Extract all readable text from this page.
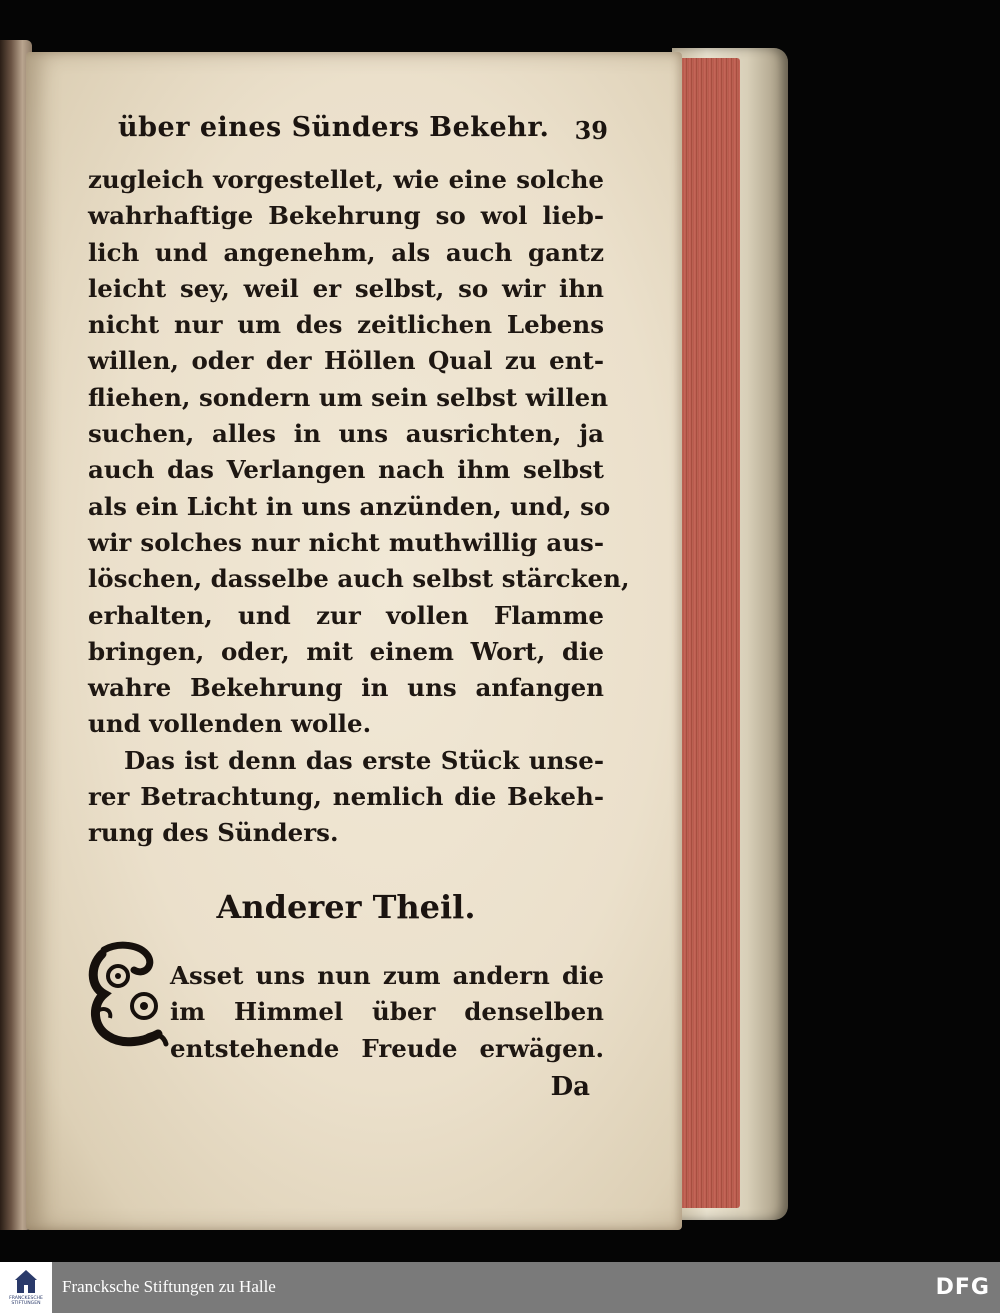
über eines Sünders Bekehr. 39
zugleich vorgestellet, wie eine solche
wahrhaftige Bekehrung so wol lieb-
lich und angenehm, als auch gantz
leicht sey, weil er selbst, so wir ihn
nicht nur um des zeitlichen Lebens
willen, oder der Höllen Qual zu ent-
fliehen, sondern um sein selbst willen
suchen, alles in uns ausrichten, ja
auch das Verlangen nach ihm selbst
als ein Licht in uns anzünden, und, so
wir solches nur nicht muthwillig aus-
löschen, dasselbe auch selbst stärcken,
erhalten, und zur vollen Flamme
bringen, oder, mit einem Wort, die
wahre Bekehrung in uns anfangen
und vollenden wolle.
Das ist denn das erste Stück unse-
rer Betrachtung, nemlich die Bekeh-
rung des Sünders.
Anderer Theil.
Asset uns nun zum andern die
im Himmel über denselben
entstehende Freude erwägen.
Da
FRANCKESCHE STIFTUNGEN
Francksche Stiftungen zu Halle	DFG
